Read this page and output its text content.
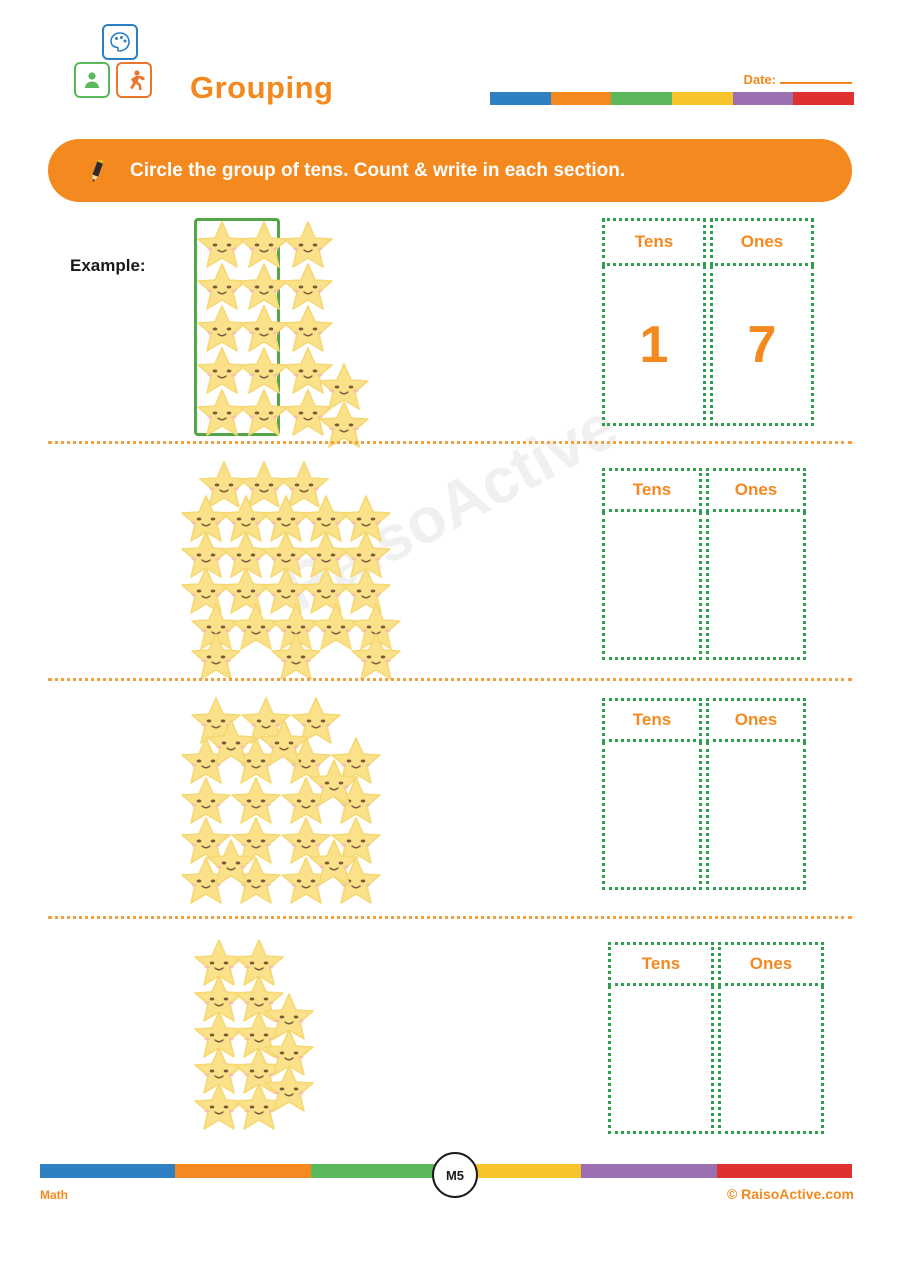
Grouping	Date:
Circle the group of tens. Count & write in each section.
RaisoActive
Example:
Tens	Ones
1	7
Tens	Ones
Tens	Ones
Tens	Ones
M5
Math	© RaisoActive.com
